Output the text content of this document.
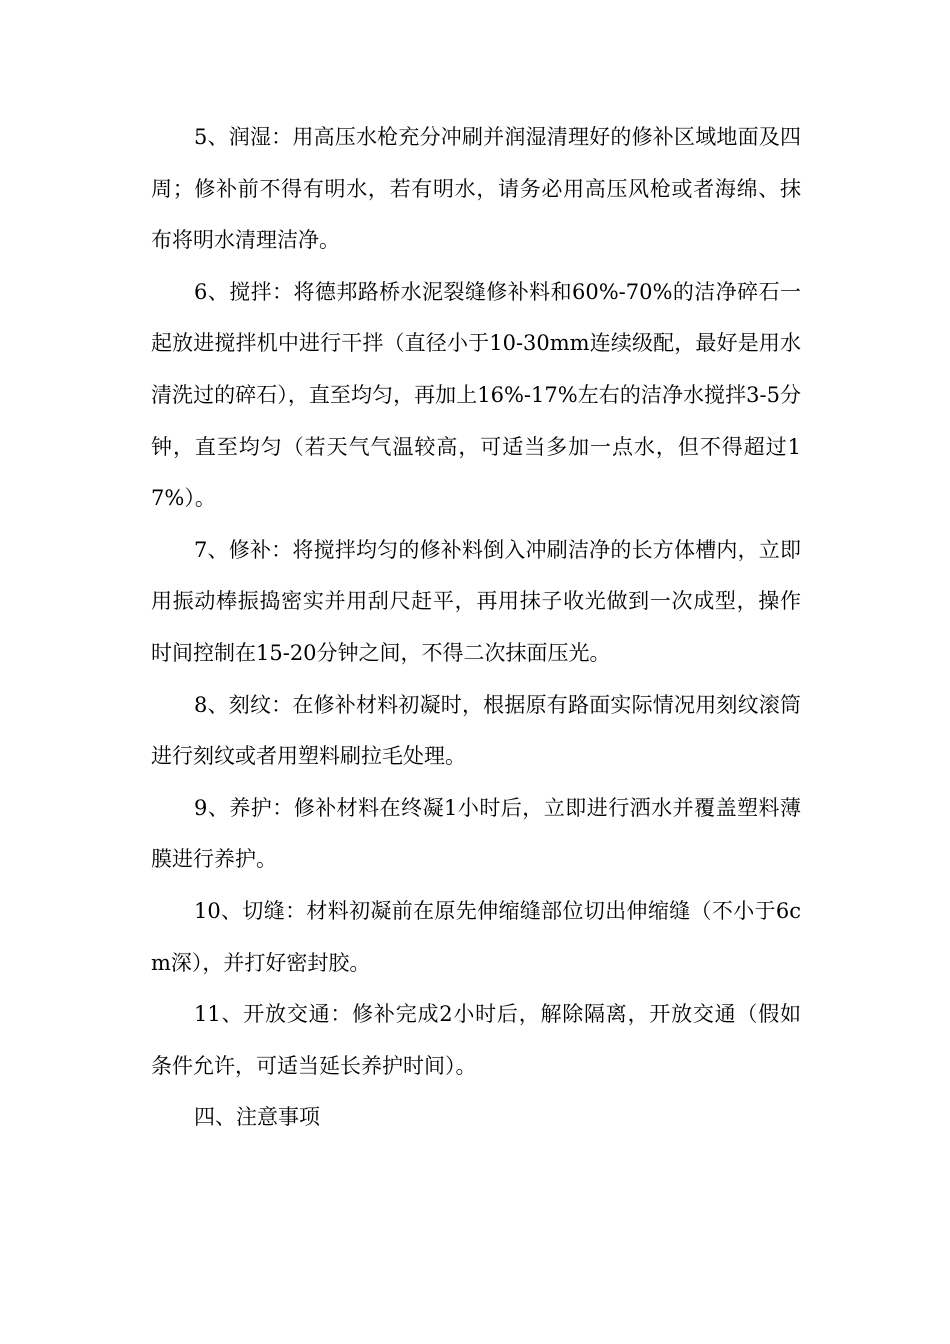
5、润湿：用高压水枪充分冲刷并润湿清理好的修补区域地面及四周；修补前不得有明水，若有明水，请务必用高压风枪或者海绵、抹布将明水清理洁净。

6、搅拌：将德邦路桥水泥裂缝修补料和60%-70%的洁净碎石一起放进搅拌机中进行干拌（直径小于10-30mm连续级配，最好是用水清洗过的碎石），直至均匀，再加上16%-17%左右的洁净水搅拌3-5分钟，直至均匀（若天气气温较高，可适当多加一点水，但不得超过17%）。

7、修补：将搅拌均匀的修补料倒入冲刷洁净的长方体槽内，立即用振动棒振捣密实并用刮尺赶平，再用抹子收光做到一次成型，操作时间控制在15-20分钟之间，不得二次抹面压光。

8、刻纹：在修补材料初凝时，根据原有路面实际情况用刻纹滚筒进行刻纹或者用塑料刷拉毛处理。

9、养护：修补材料在终凝1小时后，立即进行洒水并覆盖塑料薄膜进行养护。

10、切缝：材料初凝前在原先伸缩缝部位切出伸缩缝（不小于6cm深），并打好密封胶。

11、开放交通：修补完成2小时后，解除隔离，开放交通（假如条件允许，可适当延长养护时间）。

四、注意事项
